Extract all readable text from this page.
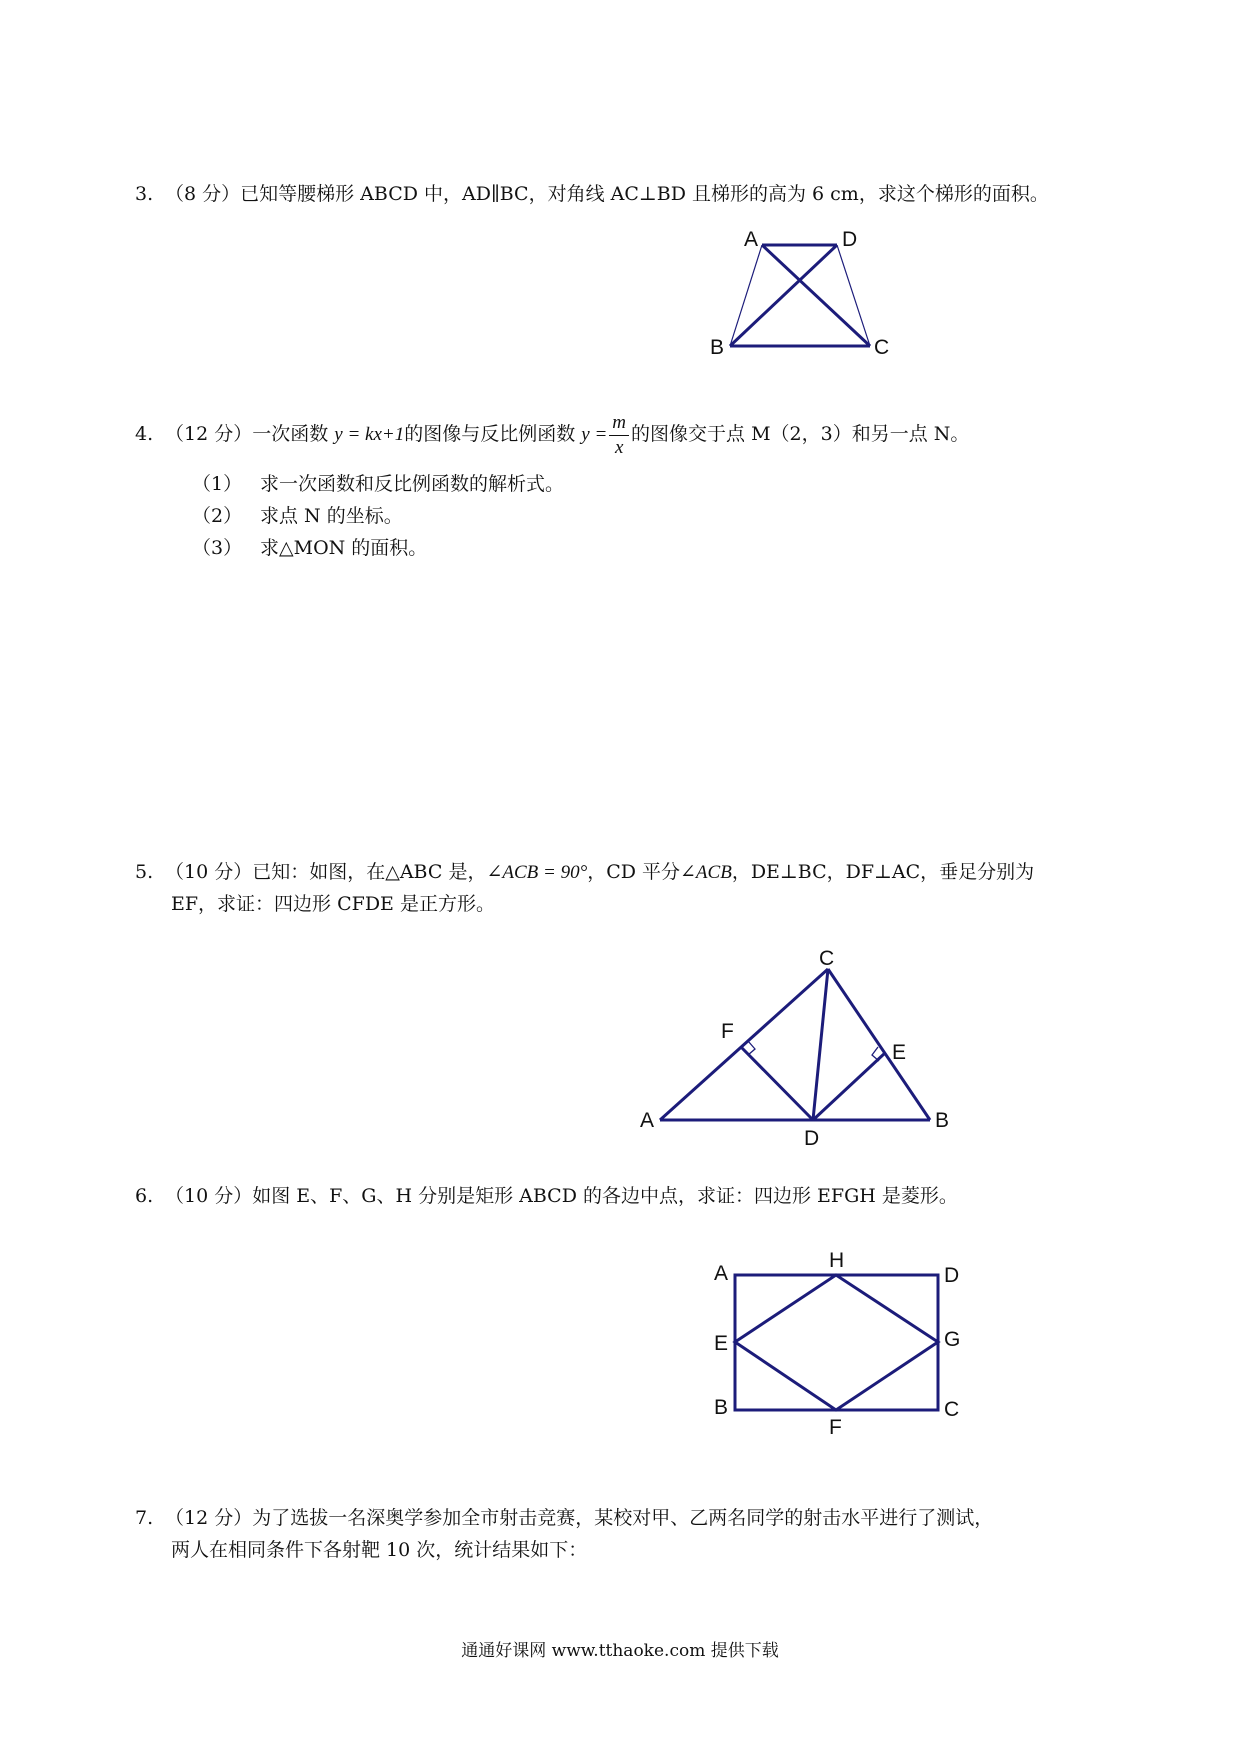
3. （8 分）已知等腰梯形 ABCD 中，AD∥BC，对角线 AC⊥BD 且梯形的高为 6 cm，求这个梯形的面积。
A	D
B	C
4. （12 分）一次函数 y = kx+1的图像与反比例函数 $y = \frac{m}{x}$ 的图像交于点 M（2，3）和另一点 N。
（1） 求一次函数和反比例函数的解析式。
（2） 求点 N 的坐标。
（3） 求△MON 的面积。
5. （10 分）已知：如图，在△ABC 是，∠ACB = 90°，CD 平分∠ACB，DE⊥BC，DF⊥AC，垂足分别为
EF，求证：四边形 CFDE 是正方形。
C
F
E
A
D
B
6. （10 分）如图 E、F、G、H 分别是矩形 ABCD 的各边中点，求证：四边形 EFGH 是菱形。
A
H
D
E	G
B
F
C
7. （12 分）为了选拔一名深奥学参加全市射击竞赛，某校对甲、乙两名同学的射击水平进行了测试，
两人在相同条件下各射靶 10 次，统计结果如下：
通通好课网 www.tthaoke.com 提供下载
